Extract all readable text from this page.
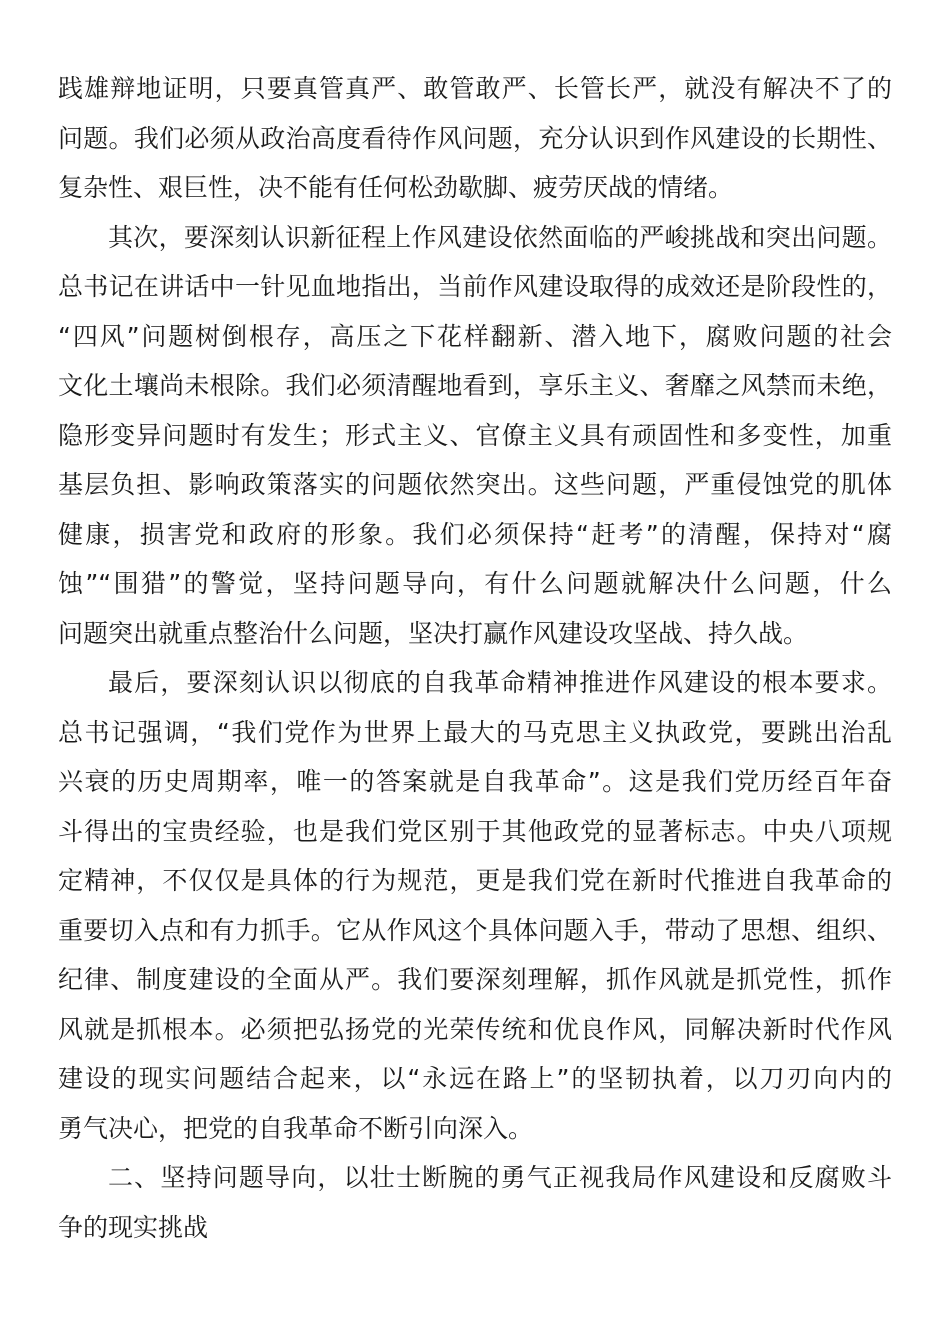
践雄辩地证明，只要真管真严、敢管敢严、长管长严，就没有解决不了的
问题。我们必须从政治高度看待作风问题，充分认识到作风建设的长期性、
复杂性、艰巨性，决不能有任何松劲歇脚、疲劳厌战的情绪。
其次，要深刻认识新征程上作风建设依然面临的严峻挑战和突出问题。
总书记在讲话中一针见血地指出，当前作风建设取得的成效还是阶段性的，
“四风”问题树倒根存，高压之下花样翻新、潜入地下，腐败问题的社会
文化土壤尚未根除。我们必须清醒地看到，享乐主义、奢靡之风禁而未绝，
隐形变异问题时有发生；形式主义、官僚主义具有顽固性和多变性，加重
基层负担、影响政策落实的问题依然突出。这些问题，严重侵蚀党的肌体
健康，损害党和政府的形象。我们必须保持“赶考”的清醒，保持对“腐
蚀”“围猎”的警觉，坚持问题导向，有什么问题就解决什么问题，什么
问题突出就重点整治什么问题，坚决打赢作风建设攻坚战、持久战。
最后，要深刻认识以彻底的自我革命精神推进作风建设的根本要求。
总书记强调，“我们党作为世界上最大的马克思主义执政党，要跳出治乱
兴衰的历史周期率，唯一的答案就是自我革命”。这是我们党历经百年奋
斗得出的宝贵经验，也是我们党区别于其他政党的显著标志。中央八项规
定精神，不仅仅是具体的行为规范，更是我们党在新时代推进自我革命的
重要切入点和有力抓手。它从作风这个具体问题入手，带动了思想、组织、
纪律、制度建设的全面从严。我们要深刻理解，抓作风就是抓党性，抓作
风就是抓根本。必须把弘扬党的光荣传统和优良作风，同解决新时代作风
建设的现实问题结合起来，以“永远在路上”的坚韧执着，以刀刃向内的
勇气决心，把党的自我革命不断引向深入。
二、坚持问题导向，以壮士断腕的勇气正视我局作风建设和反腐败斗
争的现实挑战
